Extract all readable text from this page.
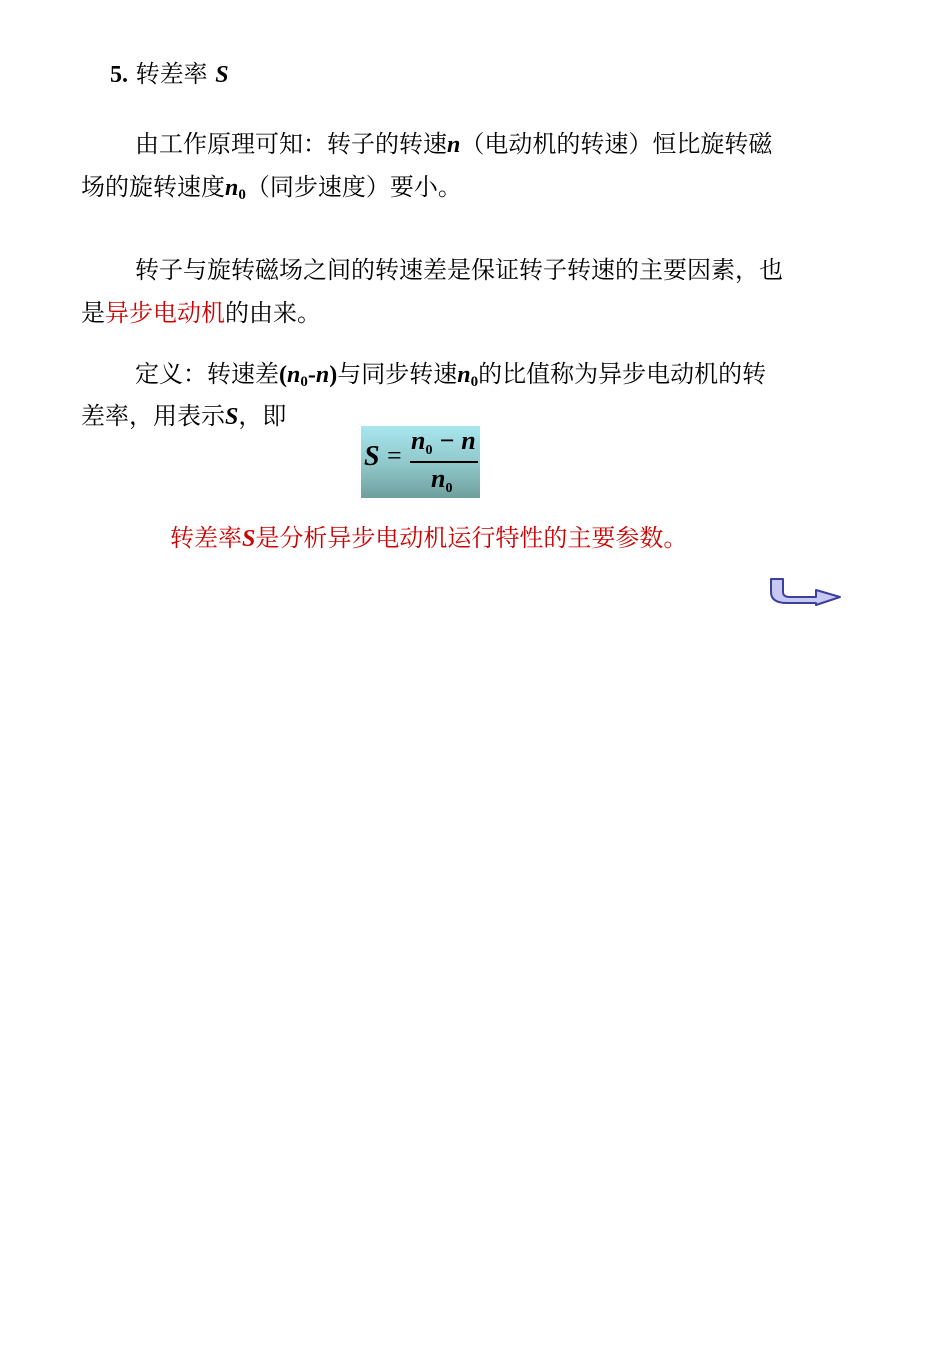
5. 转差率 S
由工作原理可知：转子的转速n（电动机的转速）恒比旋转磁
场的旋转速度$n_0$（同步速度）要小。
转子与旋转磁场之间的转速差是保证转子转速的主要因素，也
是异步电动机的由来。
定义：转速差$(n_0-n)$与同步转速$n_0$的比值称为异步电动机的转
差率，用表示S，即
S =
$n_0 - n$
$n_0$
转差率S是分析异步电动机运行特性的主要参数。
